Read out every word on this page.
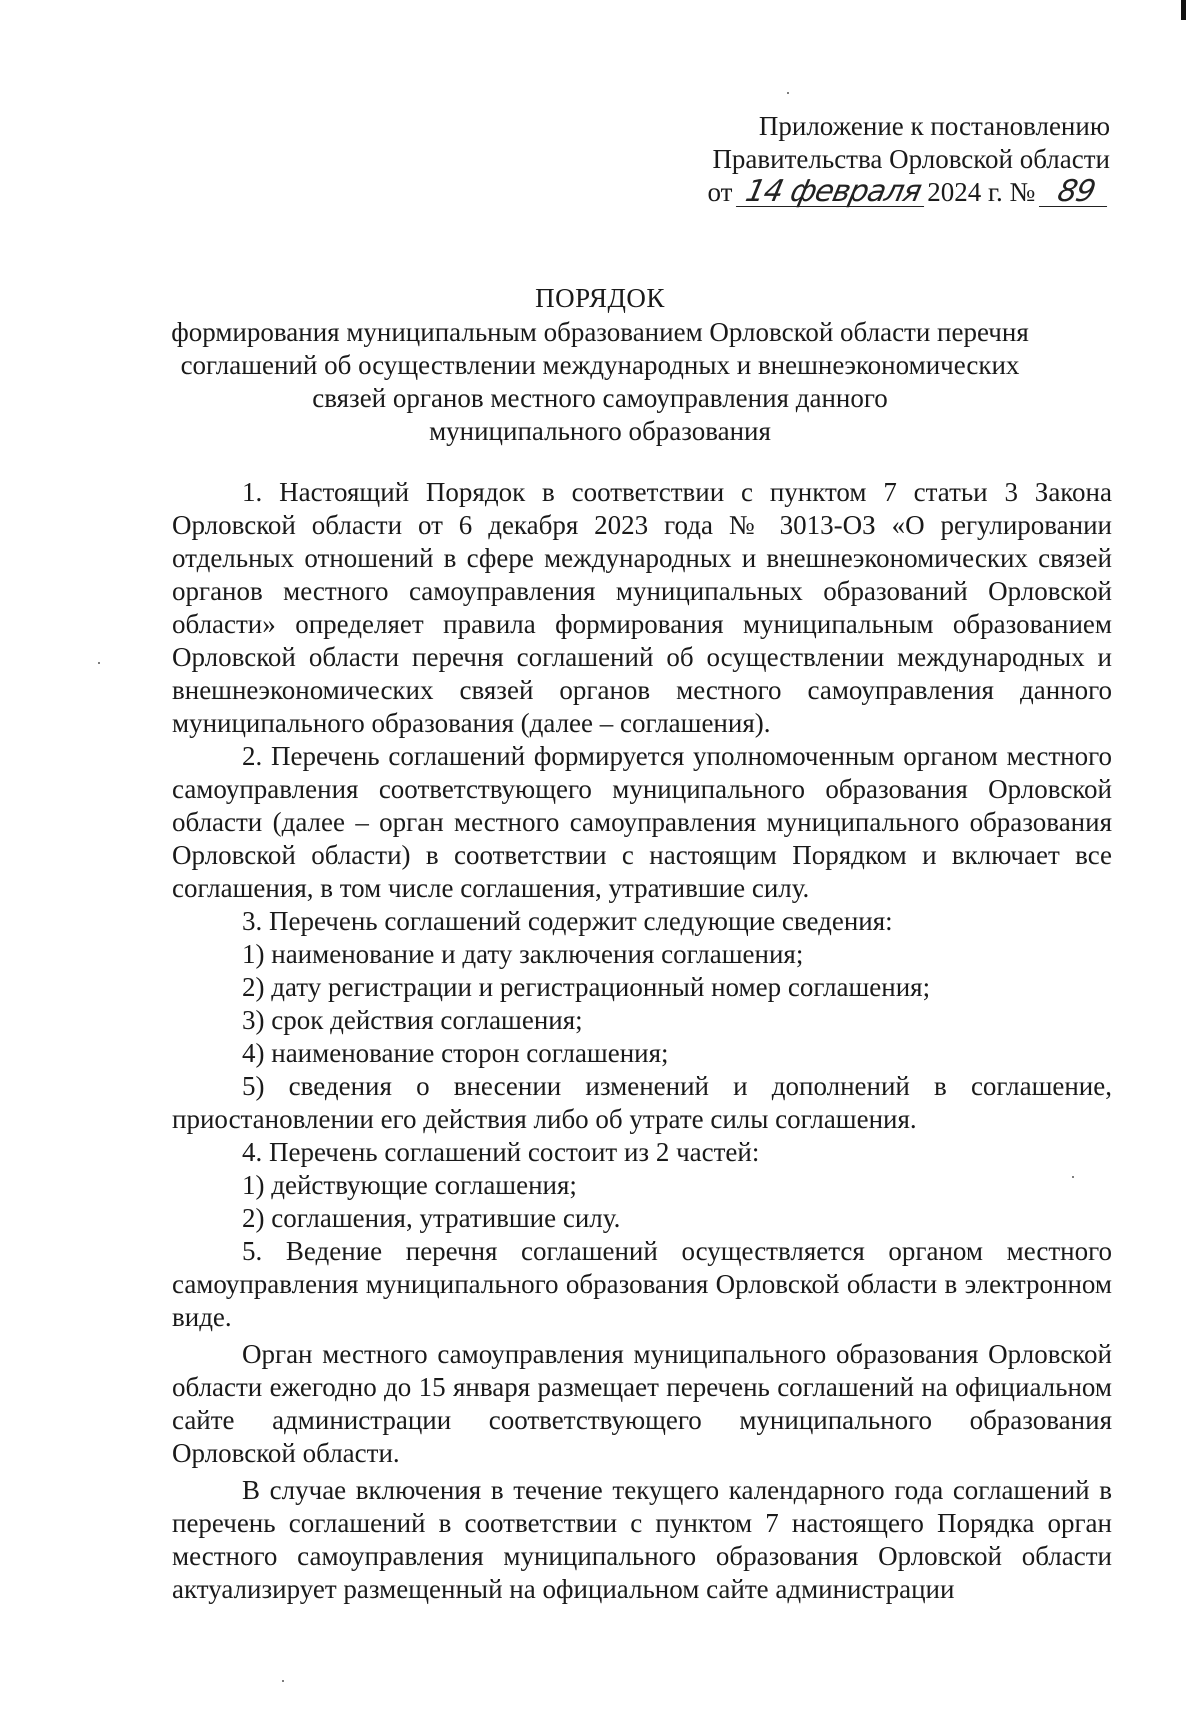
Приложение к постановлению
Правительства Орловской области
от 14 февраля 2024 г. № 89
ПОРЯДОК
формирования муниципальным образованием Орловской области перечня
соглашений об осуществлении международных и внешнеэкономических
связей органов местного самоуправления данного
муниципального образования

1. Настоящий Порядок в соответствии с пунктом 7 статьи 3 Закона Орловской области от 6 декабря 2023 года № 3013-ОЗ «О регулировании отдельных отношений в сфере международных и внешнеэкономических связей органов местного самоуправления муниципальных образований Орловской области» определяет правила формирования муниципальным образованием Орловской области перечня соглашений об осуществлении международных и внешнеэкономических связей органов местного самоуправления данного муниципального образования (далее – соглашения).

2. Перечень соглашений формируется уполномоченным органом местного самоуправления соответствующего муниципального образования Орловской области (далее – орган местного самоуправления муниципального образования Орловской области) в соответствии с настоящим Порядком и включает все соглашения, в том числе соглашения, утратившие силу.

3. Перечень соглашений содержит следующие сведения:

1) наименование и дату заключения соглашения;

2) дату регистрации и регистрационный номер соглашения;

3) срок действия соглашения;

4) наименование сторон соглашения;

5) сведения о внесении изменений и дополнений в соглашение, приостановлении его действия либо об утрате силы соглашения.

4. Перечень соглашений состоит из 2 частей:

1) действующие соглашения;

2) соглашения, утратившие силу.

5. Ведение перечня соглашений осуществляется органом местного самоуправления муниципального образования Орловской области в электронном виде.

Орган местного самоуправления муниципального образования Орловской области ежегодно до 15 января размещает перечень соглашений на официальном сайте администрации соответствующего муниципального образования Орловской области.

В случае включения в течение текущего календарного года соглашений в перечень соглашений в соответствии с пунктом 7 настоящего Порядка орган местного самоуправления муниципального образования Орловской области актуализирует размещенный на официальном сайте администрации
